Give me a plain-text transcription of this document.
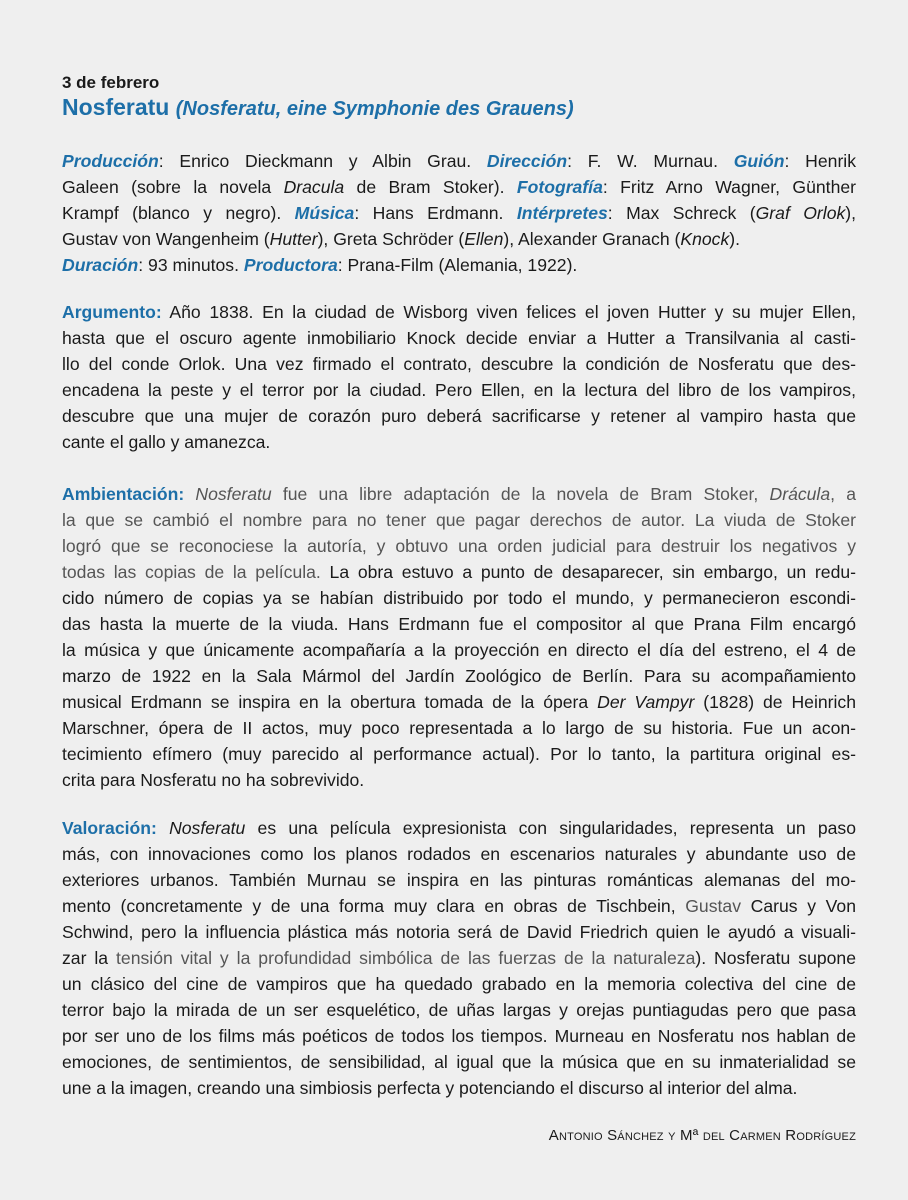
3 de febrero
Nosferatu (Nosferatu, eine Symphonie des Grauens)
Producción: Enrico Dieckmann y Albin Grau. Dirección: F. W. Murnau. Guión: Henrik
Galeen (sobre la novela Dracula de Bram Stoker). Fotografía: Fritz Arno Wagner, Günther
Krampf (blanco y negro). Música: Hans Erdmann. Intérpretes: Max Schreck (Graf Orlok),
Gustav von Wangenheim (Hutter), Greta Schröder (Ellen), Alexander Granach (Knock).
Duración: 93 minutos. Productora: Prana-Film (Alemania, 1922).
Argumento: Año 1838. En la ciudad de Wisborg viven felices el joven Hutter y su mujer Ellen,
hasta que el oscuro agente inmobiliario Knock decide enviar a Hutter a Transilvania al casti-
llo del conde Orlok. Una vez firmado el contrato, descubre la condición de Nosferatu que des-
encadena la peste y el terror por la ciudad. Pero Ellen, en la lectura del libro de los vampiros,
descubre que una mujer de corazón puro deberá sacrificarse y retener al vampiro hasta que
cante el gallo y amanezca.
Ambientación: Nosferatu fue una libre adaptación de la novela de Bram Stoker, Drácula, a
la que se cambió el nombre para no tener que pagar derechos de autor. La viuda de Stoker
logró que se reconociese la autoría, y obtuvo una orden judicial para destruir los negativos y
todas las copias de la película. La obra estuvo a punto de desaparecer, sin embargo, un redu-
cido número de copias ya se habían distribuido por todo el mundo, y permanecieron escondi-
das hasta la muerte de la viuda. Hans Erdmann fue el compositor al que Prana Film encargó
la música y que únicamente acompañaría a la proyección en directo el día del estreno, el 4 de
marzo de 1922 en la Sala Mármol del Jardín Zoológico de Berlín. Para su acompañamiento
musical Erdmann se inspira en la obertura tomada de la ópera Der Vampyr (1828) de Heinrich
Marschner, ópera de II actos, muy poco representada a lo largo de su historia. Fue un acon-
tecimiento efímero (muy parecido al performance actual). Por lo tanto, la partitura original es-
crita para Nosferatu no ha sobrevivido.
Valoración: Nosferatu es una película expresionista con singularidades, representa un paso
más, con innovaciones como los planos rodados en escenarios naturales y abundante uso de
exteriores urbanos. También Murnau se inspira en las pinturas románticas alemanas del mo-
mento (concretamente y de una forma muy clara en obras de Tischbein, Gustav Carus y Von
Schwind, pero la influencia plástica más notoria será de David Friedrich quien le ayudó a visuali-
zar la tensión vital y la profundidad simbólica de las fuerzas de la naturaleza). Nosferatu supone
un clásico del cine de vampiros que ha quedado grabado en la memoria colectiva del cine de
terror bajo la mirada de un ser esquelético, de uñas largas y orejas puntiagudas pero que pasa
por ser uno de los films más poéticos de todos los tiempos. Murneau en Nosferatu nos hablan de
emociones, de sentimientos, de sensibilidad, al igual que la música que en su inmaterialidad se
une a la imagen, creando una simbiosis perfecta y potenciando el discurso al interior del alma.
Antonio Sánchez y Mª del Carmen Rodríguez
